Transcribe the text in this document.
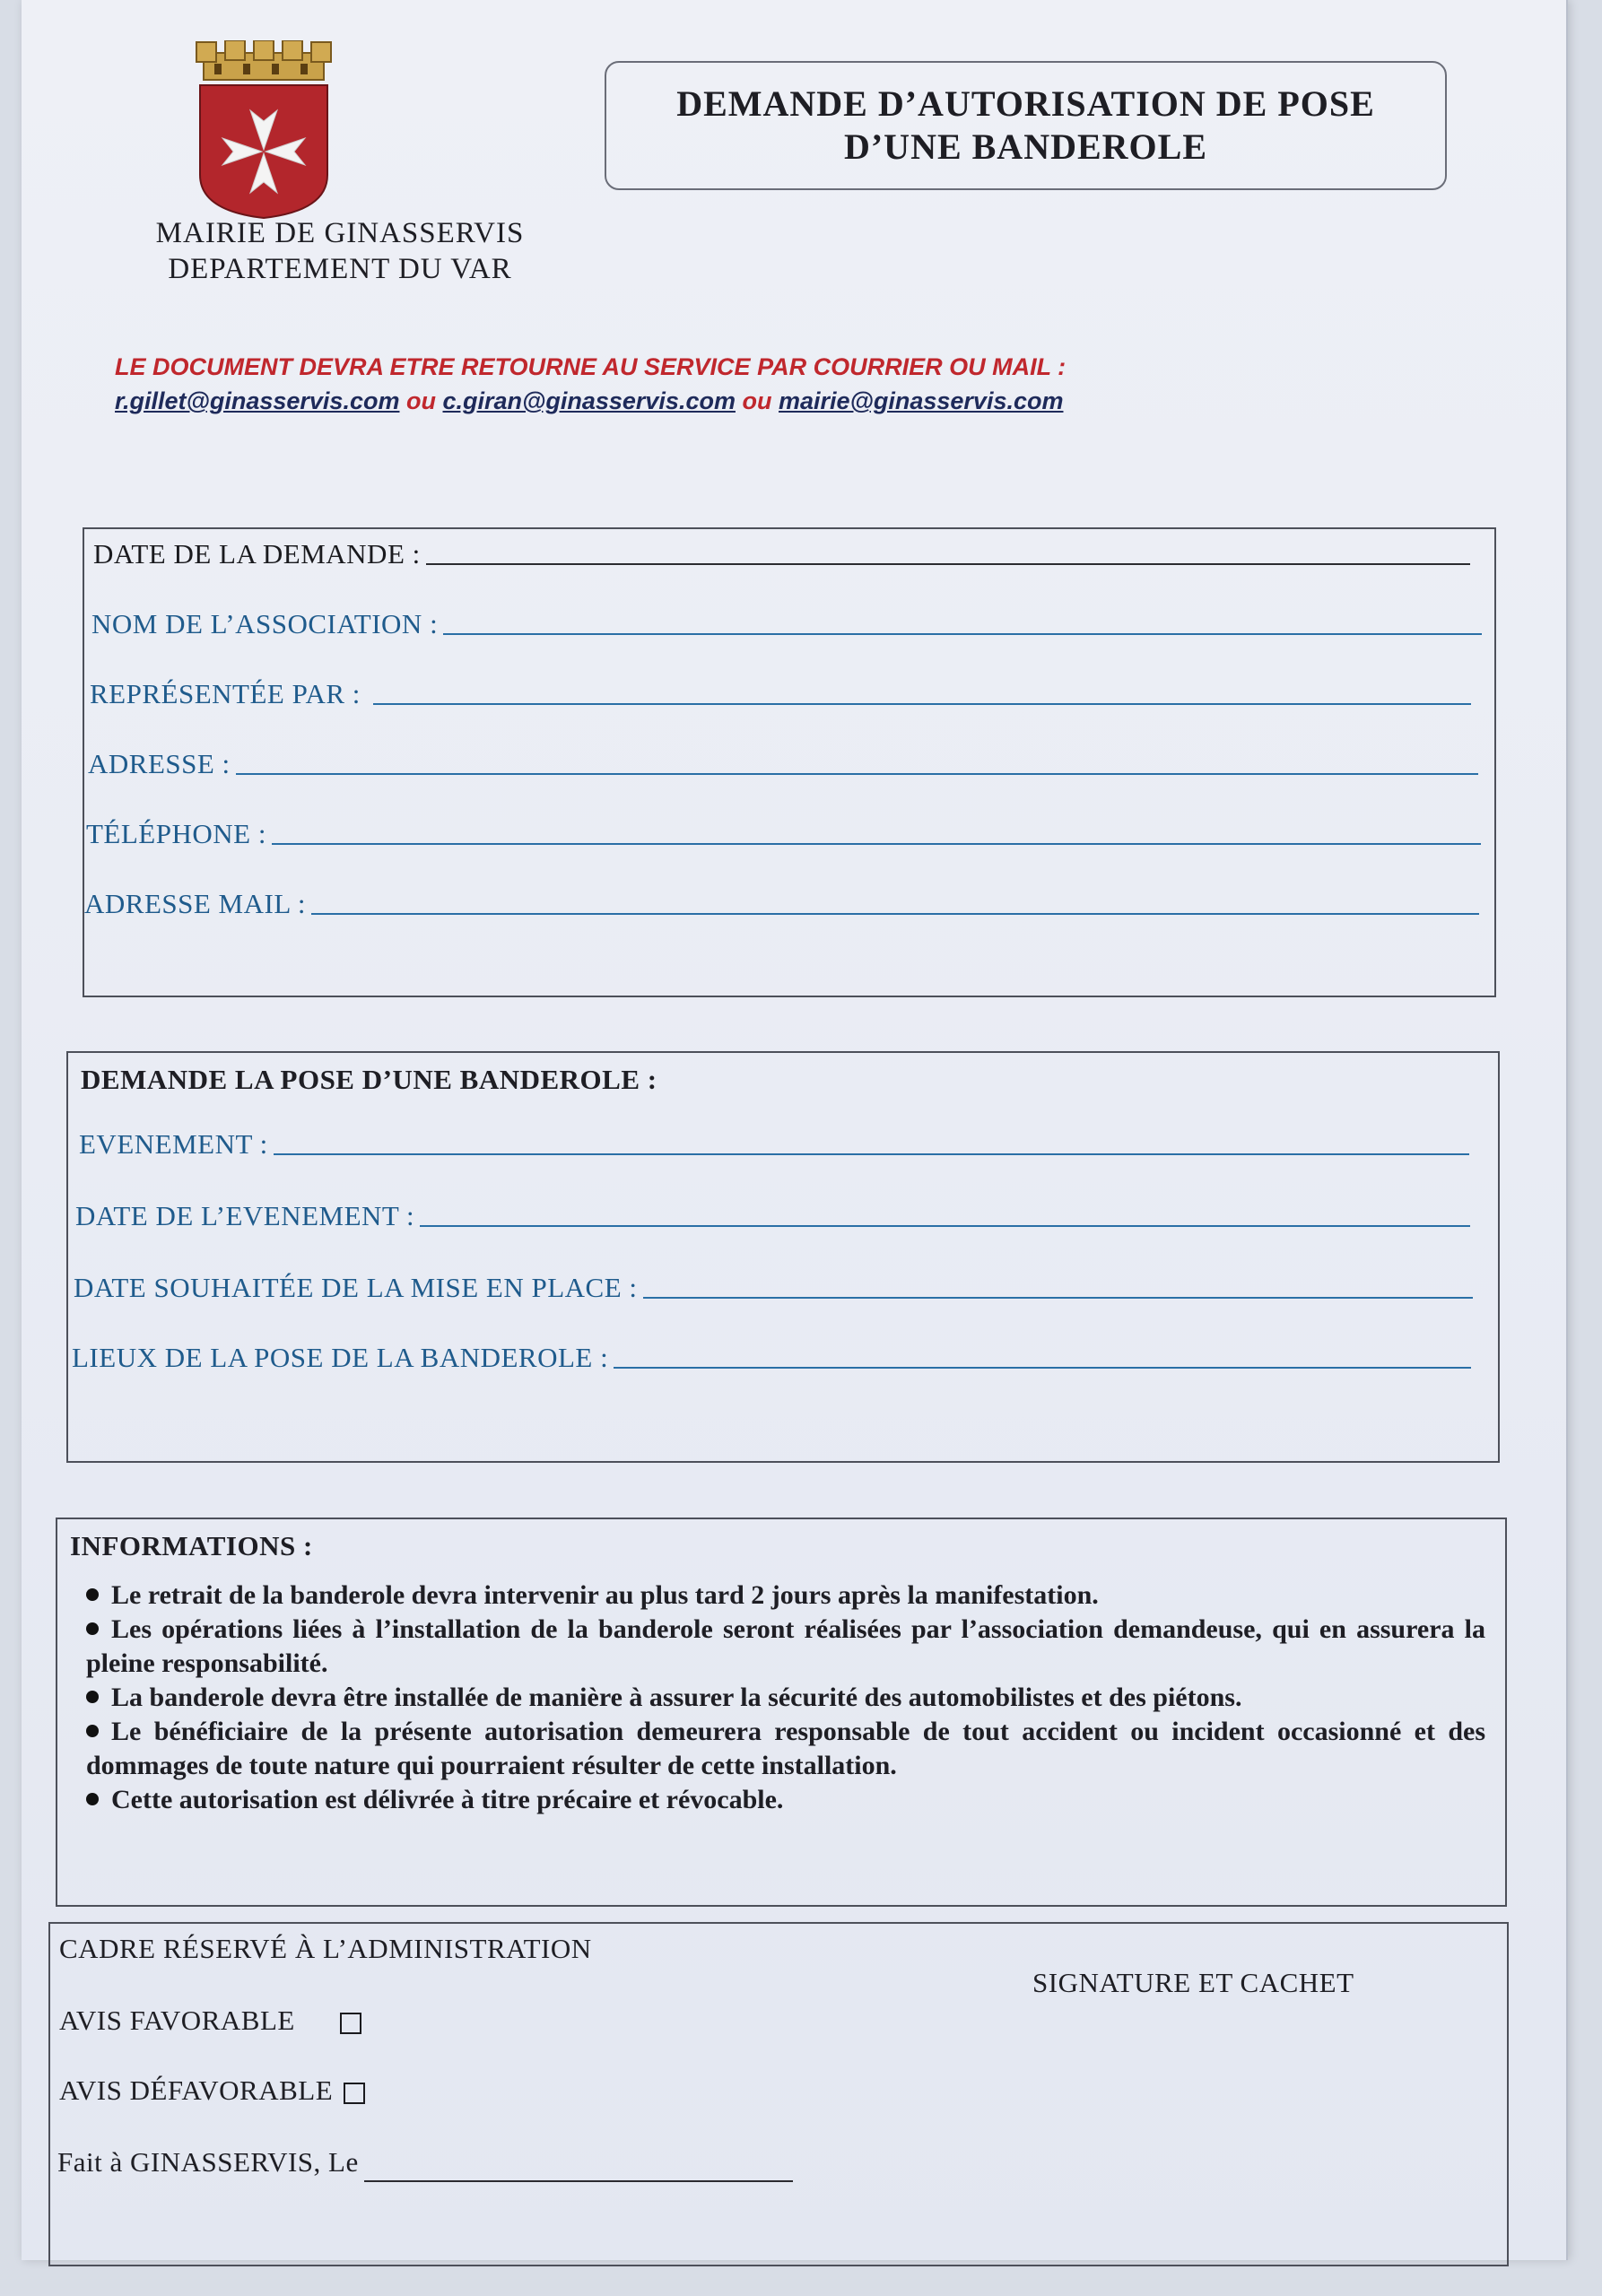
MAIRIE DE GINASSERVIS
DEPARTEMENT DU VAR
DEMANDE D’AUTORISATION DE POSE
D’UNE BANDEROLE
LE DOCUMENT DEVRA ETRE RETOURNE AU SERVICE PAR COURRIER OU MAIL :
r.gillet@ginasservis.com ou c.giran@ginasservis.com ou mairie@ginasservis.com
DATE DE LA DEMANDE :
NOM DE L’ASSOCIATION :
REPRÉSENTÉE PAR :
ADRESSE :
TÉLÉPHONE :
ADRESSE MAIL :
DEMANDE LA POSE D’UNE BANDEROLE :
EVENEMENT :
DATE DE L’EVENEMENT :
DATE SOUHAITÉE DE LA MISE EN PLACE :
LIEUX DE LA POSE DE LA BANDEROLE :
INFORMATIONS :

Le retrait de la banderole devra intervenir au plus tard 2 jours après la manifestation.

Les opérations liées à l’installation de la banderole seront réalisées par l’association demandeuse, qui en assurera la pleine responsabilité.

La banderole devra être installée de manière à assurer la sécurité des automobilistes et des piétons.

Le bénéficiaire de la présente autorisation demeurera responsable de tout accident ou incident occasionné et des dommages de toute nature qui pourraient résulter de cette installation.

Cette autorisation est délivrée à titre précaire et révocable.

CADRE RÉSERVÉ À L’ADMINISTRATION
SIGNATURE ET CACHET
AVIS FAVORABLE
AVIS DÉFAVORABLE
Fait à GINASSERVIS, Le
